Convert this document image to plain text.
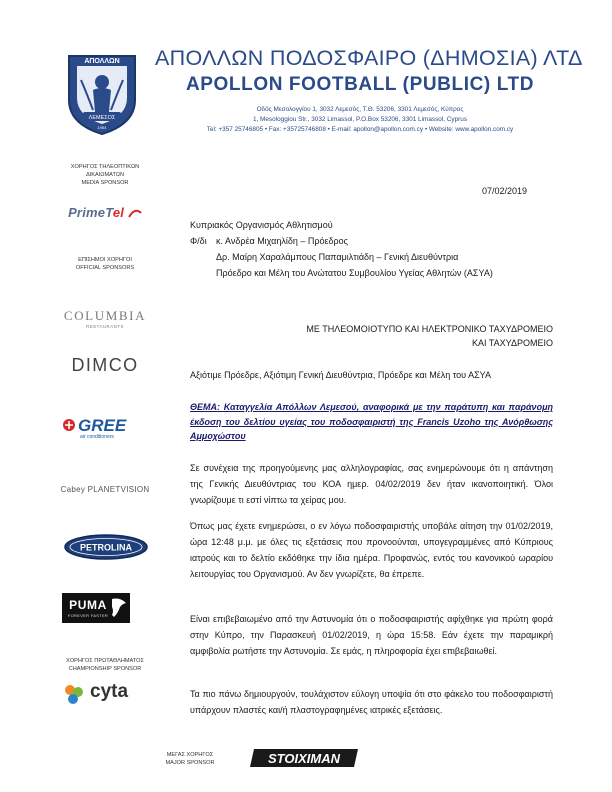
ΛΕΜΕΣΟΣ
ΑΠΟΛΛΩΝ
1954
ΑΠΟΛΛΩΝ ΠΟΔΟΣΦΑΙΡΟ (ΔΗΜΟΣΙΑ) ΛΤΔ
APOLLON FOOTBALL (PUBLIC) LTD
Οδός Μεσολογγίου 1, 3032 Λεμεσός, Τ.Θ. 53206, 3301 Λεμεσός, Κύπρος
1, Mesologgiou Str., 3032 Limassol, P.O.Box 53206, 3301 Limassol, Cyprus
Tel: +357 25746805 • Fax: +35725746808 • E-mail: apollon@apollon.com.cy • Website: www.apollon.com.cy
ΧΟΡΗΓΟΣ ΤΗΛΕΟΠΤΙΚΩΝ
ΔΙΚΑΙΩΜΑΤΩΝ
MEDIA SPONSOR
PrimeTel
ΕΠΙΣΗΜΟΙ ΧΟΡΗΓΟΙ
OFFICIAL SPONSORS
COLUMBIA
RESTAURANTS
DIMCO
GREE
air conditioners
Cabey PLANETVISION
PETROLINA
PUMA
FOREVER FASTER
ΧΟΡΗΓΟΣ ΠΡΩΤΑΘΛΗΜΑΤΟΣ
CHAMPIONSHIP SPONSOR
cyta
ΜΕΓΑΣ ΧΟΡΗΓΟΣ
MAJOR SPONSOR	STOIXIMAN
07/02/2019
Κυπριακός Οργανισμός Αθλητισμού
Φ/δι κ. Ανδρέα Μιχαηλίδη – Πρόεδρος
Δρ. Μαίρη Χαραλάμπους Παπαμιλτιάδη – Γενική Διευθύντρια
Πρόεδρο και Μέλη του Ανώτατου Συμβουλίου Υγείας Αθλητών (ΑΣΥΑ)
ΜΕ ΤΗΛΕΟΜΟΙΟΤΥΠΟ ΚΑΙ ΗΛΕΚΤΡΟΝΙΚΟ ΤΑΧΥΔΡΟΜΕΙΟ
ΚΑΙ ΤΑΧΥΔΡΟΜΕΙΟ
Αξιότιμε Πρόεδρε, Αξιότιμη Γενική Διευθύντρια, Πρόεδρε και Μέλη του ΑΣΥΑ
ΘΕΜΑ: Καταγγελία Απόλλων Λεμεσού, αναφορικά με την παράτυπη και παράνομη έκδοση του δελτίου υγείας του ποδοσφαιριστή της Francis Uzoho της Ανόρθωσης Αμμοχώστου
Σε συνέχεια της προηγούμενης μας αλληλογραφίας, σας ενημερώνουμε ότι η απάντηση της Γενικής Διευθύντριας του ΚΟΑ ημερ. 04/02/2019 δεν ήταν ικανοποιητική. Όλοι γνωρίζουμε τι εστί νίπτω τα χείρας μου.
Όπως μας έχετε ενημερώσει, ο εν λόγω ποδοσφαιριστής υποβάλε αίτηση την 01/02/2019, ώρα 12:48 μ.μ. με όλες τις εξετάσεις που προνοούνται, υπογεγραμμένες από Κύπριους ιατρούς και το δελτίο εκδόθηκε την ίδια ημέρα. Προφανώς, εντός του κανονικού ωραρίου λειτουργίας του Οργανισμού. Αν δεν γνωρίζετε, θα έπρεπε.
Είναι επιβεβαιωμένο από την Αστυνομία ότι ο ποδοσφαιριστής αφίχθηκε για πρώτη φορά στην Κύπρο, την Παρασκευή 01/02/2019, η ώρα 15:58. Εάν έχετε την παραμικρή αμφιβολία ρωτήστε την Αστυνομία. Σε εμάς, η πληροφορία έχει επιβεβαιωθεί.
Τα πιο πάνω δημιουργούν, τουλάχιστον εύλογη υποψία ότι στο φάκελο του ποδοσφαιριστή υπάρχουν πλαστές και/ή πλαστογραφημένες ιατρικές εξετάσεις.
